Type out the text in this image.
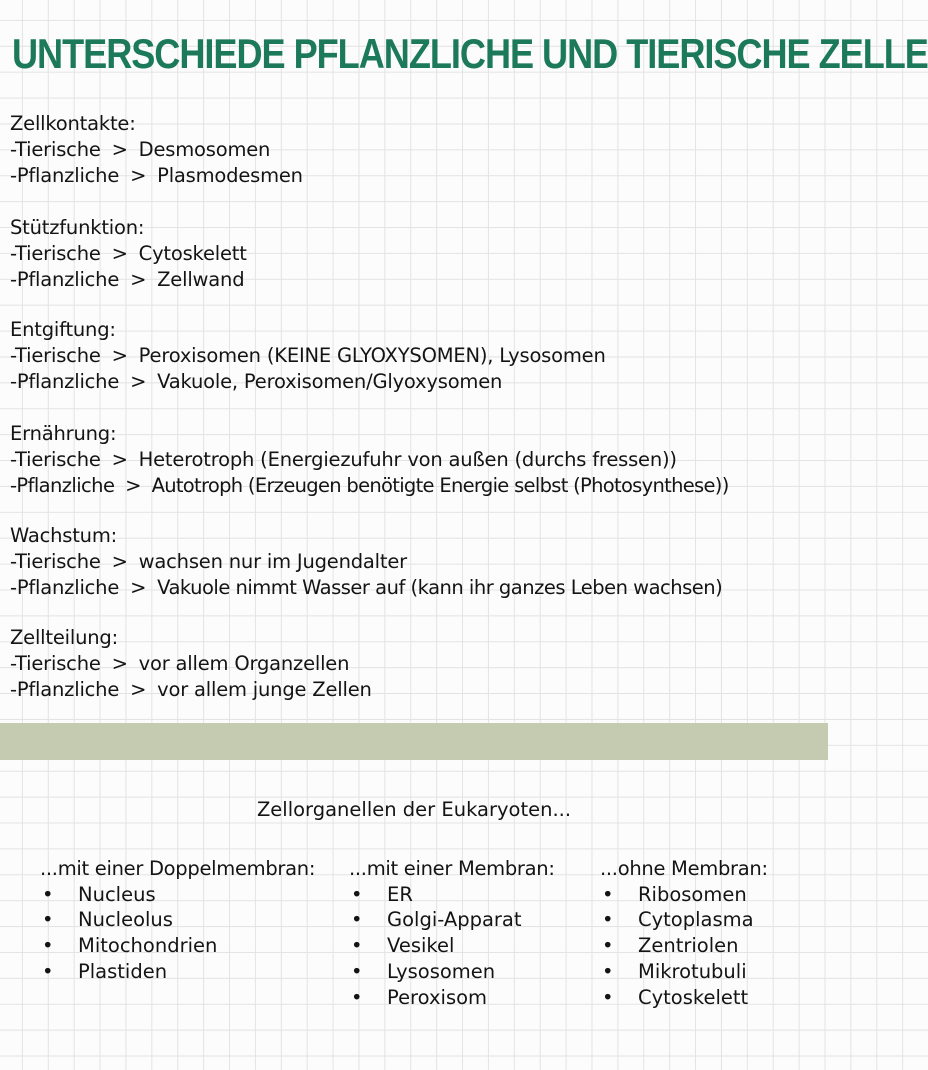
UNTERSCHIEDE PFLANZLICHE UND TIERISCHE ZELLE
Zellkontakte:
-Tierische > Desmosomen
-Pflanzliche > Plasmodesmen
Stützfunktion:
-Tierische > Cytoskelett
-Pflanzliche > Zellwand
Entgiftung:
-Tierische > Peroxisomen (KEINE GLYOXYSOMEN), Lysosomen
-Pflanzliche > Vakuole, Peroxisomen/Glyoxysomen
Ernährung:
-Tierische > Heterotroph (Energiezufuhr von außen (durchs fressen))
-Pflanzliche > Autotroph (Erzeugen benötigte Energie selbst (Photosynthese))
Wachstum:
-Tierische > wachsen nur im Jugendalter
-Pflanzliche > Vakuole nimmt Wasser auf (kann ihr ganzes Leben wachsen)
Zellteilung:
-Tierische > vor allem Organzellen
-Pflanzliche > vor allem junge Zellen
Zellorganellen der Eukaryoten...
...mit einer Doppelmembran:
• Nucleus
• Nucleolus
• Mitochondrien
• Plastiden
...mit einer Membran:
• ER
• Golgi-Apparat
• Vesikel
• Lysosomen
• Peroxisom
...ohne Membran:
• Ribosomen
• Cytoplasma
• Zentriolen
• Mikrotubuli
• Cytoskelett
